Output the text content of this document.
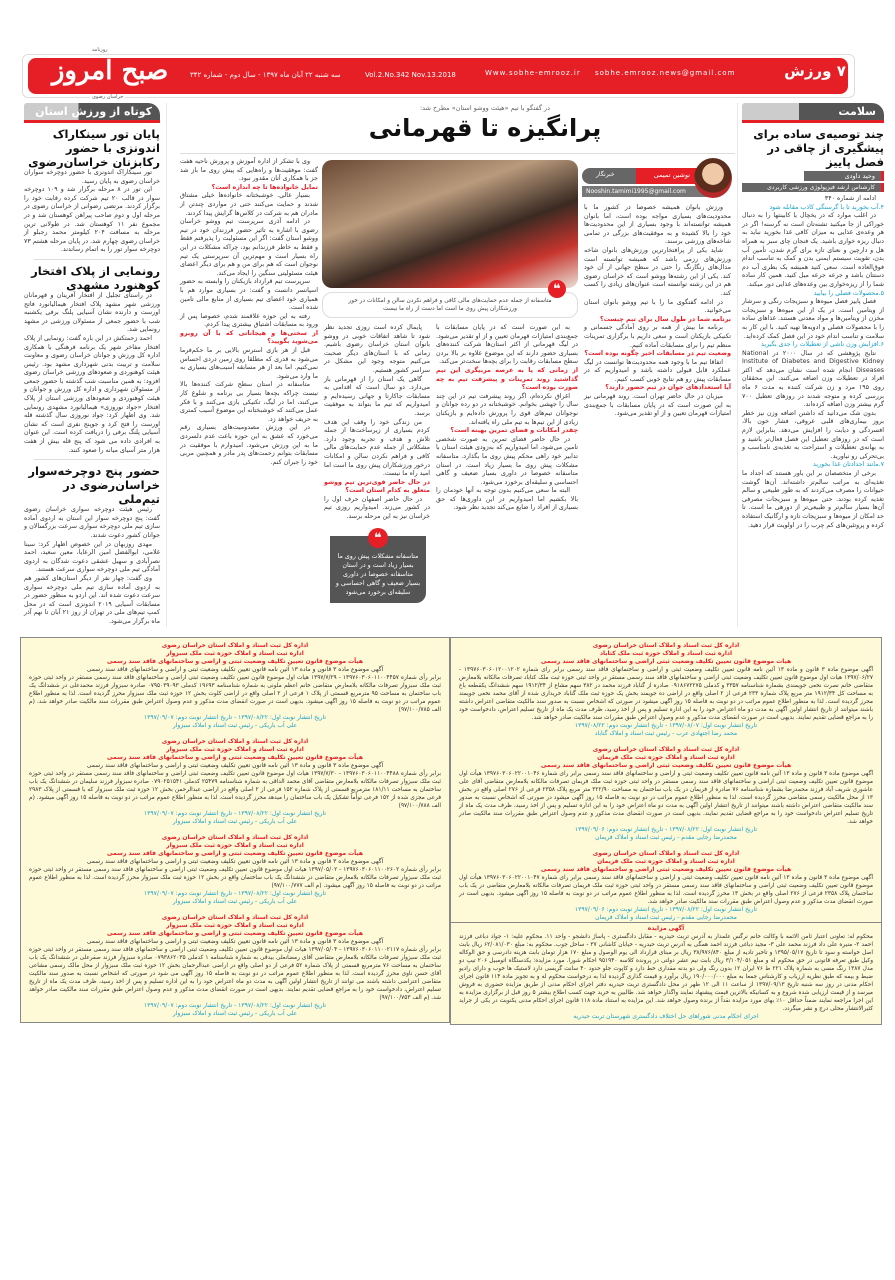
روزنامه
صبح امروز
خراسان رضوی
سه شنبه ۲۲ آبان ماه ۱۳۹۷ - سال دوم - شماره ۳۴۲	Vol.2.No.342 Nov.13.2018	Www.sobhe-emrooz.ir sobhe.emrooz.news@gmail.com	۷۰ ورزش
سلامت
چند توصیه‌ی ساده برای پیشگیری از چاقی در فصل پاییز
وحید داودی
کارشناس ارشد فیزیولوژی ورزشی کاربردی

ادامه از شماره ۳۴۰

۴.آب بخورید تا با گرسنگی کاذب مقابله شود

در اغلب موارد که در یخچال یا کابینتها را به دنبال خوراکی از جا میکنید تشنه‌تان است نه گرسنه! اگر در هر وعده‌ی غذایی به میزان کافی غذا بخورید نباید به دنبال ریزه خواری باشید. یک فنجان چای سبز به همراه هل و دارچین و نعنای تازه برای گرم شدن، تأمین آب بدن، تقویت سیستم ایمنی بدن و کمک به تناسب اندام فوق‌العاده است. سعی کنید همیشه یک بطری آب دم دستتان باشد و جرعه جرعه میل کنید. همین کار ساده شما را از ریزه‌خواری بین وعده‌های غذایی دور میکند.

۵.محصولات فصلی را بیابید

فصل پاییز فصل میوه‌ها و سبزیجات رنگی و سرشار از ویتامین است. در یک از این میوه‌ها و سبزیجات مخزن از ویتامین‌ها و مواد معدنی هستند. غذاهای ساده را با محصولات فصلی و ادویه‌ها تهیه کنید. با این کار به سلامت و تناسب اندام خود در این فصل کمک کرده‌اید.

۶.افزایش وزن ناشی از تعطیلات را جدی بگیرید

نتایج پژوهشی که در سال ۲۰۰۰ در National Institute of Diabetes and Digestive Kidney Diseases انجام شده است نشان می‌دهد که اکثر افراد در تعطیلات وزن اضافه می‌کنند. این محققان روی ۱۹۵ مرد و زن شرکت کننده به مدت ۶ ماه بررسی کرده و متوجه شدند در روزهای تعطیل ۷۰۰ گرم بیشتر وزن اضافه کرده‌اند.

بدون شک می‌دانید که داشتن اضافه وزن نیز خطر بروز بیماری‌های قلبی عروقی، فشار خون بالا، افسردگی و دیابت را افزایش می‌دهد. بنابراین لازم است که در روزهای تعطیل این فصل فعال‌تر باشید و به بهانه‌ی تعطیلات و استراحت به تغذیه‌ی نامناسب و بی‌تحرکی رو نیاورید.

۷.مانند اجدادتان غذا بخورید

برخی از متخصصان بر این باور هستند که اجداد ما تغذیه‌ای به مراتب سالم‌تر داشته‌اند. آن‌ها گوشت حیوانات را مصرف می‌کردند که به طور طبیعی و سالم تغذیه کرده بودند. حتی میوه‌ها و سبزیجات مصرفی آن‌ها بسیار سالم‌تر و طبیعی‌تر از دورهی ما است. تا حد امکان از میوه‌ها و سبزیجات تازه و ارگانیک استفاده کرده و پروتئین‌های کم چرب را در اولویت قرار دهید.

در گفتگو با تیم «هیئت ووشو استان» مطرح شد:
پرانگیزه تا قهرمانی
❝
متاسفانه از جمله عدم حمایت‌های مالی کافی و فراهم نکردن سالن و امکانات در خور ورزشکاران پیش روی ما است اما دست از راه ما نیست
نوشین تمیمی
خبرنگار
Nooshin.tamimi1995@gmail.com

ورزش بانوان همیشه خصوصا در کشور ما با محدودیت‌های بسیاری مواجه بوده است، اما بانوان همیشه توانسته‌اند با وجود بسیاری از این محدودیت‌ها خود را بالا کشیده و به موفقیت‌های بزرگی در تمامی شاخه‌های ورزشی برسند.

شاید یکی از پرافتخارترین ورزش‌های بانوان شاخه ورزش‌های رزمی باشد که همیشه توانسته است مدال‌های رنگارنگ را حتی در سطح جهانی از آن خود کند. یکی از این رشته‌ها ووشو است که خراسان رضوی هم در این رشته توانسته است عنوان‌های زیادی را کسب کند.

در ادامه گفتگوی ما را با تیم ووشو بانوان استان می‌خوانید.

برنامه شما در طول سال برای تیم چیست؟

برنامه ما بیش از همه بر روی آمادگی جسمانی و تکنیکی بازیکنان است و سعی داریم با برگزاری تمرینات منظم تیم را برای مسابقات آماده کنیم.

وضعیت تیم در مسابقات اخیر چگونه بوده است؟

اتفاقا تیم ما با وجود همه محدودیت‌ها توانست در لیگ عملکرد قابل قبولی داشته باشد و امیدواریم که در مسابقات پیش رو هم نتایج خوبی کسب کنیم.

آیا استعدادهای جوان در تیم حضور دارند؟

میزبان در حال حاضر تهران است. روند قهرمانی نیز به این صورت است که در پایان مسابقات با جمع‌بندی امتیازات قهرمان تعیین و از او تقدیر می‌شود.

به این صورت است که در پایان مسابقات با جمع‌بندی امتیازات قهرمان تعیین و از او تقدیر می‌شود. در لیگ قهرمانی از اکثر استان‌ها شرکت کننده‌های بسیاری حضور دارند که این موضوع علاوه بر بالا بردن سطح مسابقات رقابت را برای بچه‌ها سخت‌تر می‌کند.

از زمانی که پا به عرصه مربیگری این تیم گذاشتید روند تمرینات و پیشرفت تیم به چه صورت بوده است؟

اغراق نکرده‌ام، اگر روند پیشرفت تیم در این چند سال را جهشی بخوانم. خوشبختانه در دو رده جوانان و نوجوانان تیم‌های قوی را پرورش داده‌ایم و بازیکنان زیادی از این تیم‌ها به تیم ملی راه یافته‌اند.

چقدر امکانات و فضای تمرین بهینه است؟

در حال حاضر فضای تمرین به صورت شخصی تامین می‌شود، اما امیدواریم که به‌زودی هیئت استان با تدابیر خود راهی محکم پیش روی ما بگذارد. متاسفانه مشکلات پیش روی ما بسیار زیاد است. در استان متاسفانه خصوصا در داوری بسیار ضعیف و گاهی احساسی و سلیقه‌ای برخورد می‌شود.

البته ما سعی می‌کنیم بدون توجه به آنها خودمان را بالا بکشیم اما امیدواریم در این داوری‌ها که حق بسیاری از افراد را ضایع می‌کند تجدید نظر شود.

پایمال کرده است روزی تجدید نظر شود تا شاهد اتفاقات خوبی در ووشو بانوان استان خراسان رضوی باشیم. زمانی که با استان‌های دیگر صحبت می‌کنیم متوجه وجود این مشکل در سراسر کشور هستیم.

گاهی یک استان را از قهرمانی باز می‌دارد. دو سال است که اقدامی به مسابقات جاکارتا و جهانی رسیده‌ایم و امیدواریم که تیم ما بتواند به موفقیت برسد.

من زندگی خود را وقف این هدف کردم بسیاری از زیرساخت‌ها از جمله تلاش و هدف و تجربه وجود دارد. مشکلاتی از جمله عدم حمایت‌های مالی کافی و فراهم نکردن سالن و امکانات درخور ورزشکاران پیش روی ما است اما امید راه ما نیست.

در حال حاضر قوی‌ترین تیم ووشو متعلق به کدام استان است؟

در حال حاضر اصفهان حرف اول را در کشور می‌زند. امیدواریم روزی تیم خراسان نیز به این مرحله برسد.

وی با تشکر از اداره آموزش و پرورش ناحیه هفت گفت: موفقیت‌ها و راه‌هایی که پیش روی ما باز شد جز با همکاری آنان مقدور نبود.

تمایل خانواده‌ها تا چه اندازه است؟

بسیار عالی. خوشبختانه خانواده‌ها خیلی مشتاق شدند و حمایت می‌کنند حتی در مواردی چندتن از مادران هم به شرکت در کلاس‌ها گرایش پیدا کردند.

در ادامه آذری سرپرست تیم ووشو خراسان رضوی با اشاره به تاثیر حضور فرزندان خود در تیم ووشو استان گفت: اگر این مسئولیت را پذیرفتم فقط و فقط به خاطر فرزندانم بود، چراکه مشکلات در این راه بسیار است و مهم‌ترین آن سرپرستی یک تیم نوجوان است که هم برای من و هم برای دیگر اعضای هیئت مسئولیتی سنگین را ایجاد می‌کند.

سرپرست تیم قرارداد بازیکنان را وابسته به حضور اسپانسر دانست و گفت: در بسیاری موارد هم با همیاری خود اعضای تیم بسیاری از منابع مالی تامین شده است.

رفته به این حوزه علاقمند شدم، خصوصا پس از ورود به مسابقات اشتیاق بیشتری پیدا کردم.

از سختی‌ها و هیجاناتی که با آن روبرو می‌شوید بگویید؟

قبل از هر بازی استرس بالایی بر ما حکم‌فرما می‌شود به قدری که مطلقا روی زمین دردی احساس نمی‌کنیم. اما بعد از هر مسابقه آسیب‌های بسیاری به ما وارد می‌شود.

متاسفانه در استان سطح شرکت کننده‌ها بالا نیست چراکه بچه‌ها بسیار بی برنامه و شلوغ کار می‌کنند، اما در لیگ، تکنیکی بازی می‌کنند و با فکر عمل می‌کنند که خوشبختانه این موضوع آسیب کمتری به حریف خواهد زد.

در این ورزش مصدومیت‌های بسیاری رقم می‌خورد که عشق به این حوزه باعث عدم دلسردی ما به این ورزش می‌شود. امیدوارم با موفقیت در مسابقات بتوانم زحمت‌های پدر مادر و همچنین مربی خود را جبران کنم.

❝
متاسفانه مشکلات پیش روی ما بسیار زیاد است و در استان متاسفانه خصوصا در داوری بسیار ضعیف و گاهی احساسی و سلیقه‌ای برخورد می‌شود
کوتاه از ورزش استان
پایان تور سینکاراک اندونزی با حضور رکابزنان خراسان‌رضوی

تور سینکاراک اندونزی با حضور دوچرخه سواران خراسان رضوی به پایان رسید.

این تور در ۸ مرحله برگزار شد و ۱۰۹ دوچرخه سوار در قالب ۲۰ تیم شرکت کرده رقابت خود را برگزار کردند. مرتضی رضوانی از خراسان رضوی در مرحله اول و دوم صاحب پیراهن کوهستان شد و در مجموع نفر ۱۱ کوهستان شد. در طولانی ترین مرحله به مسافت ۲۰۴ کیلومتر محمد رجبلو از خراسان رضوی چهارم شد. در پایان مرحله هشتم ۷۳ دوچرخه سوار تور را به اتمام رساندند.

رونمایی از پلاک افتخار کوهنورد مشهدی

در راستای تجلیل از افتخار آفرینان و قهرمانان ورزشی شهر مشهد پلاک افتخار هیمالیانورد فاتح اورست و دارنده نشان آسیایی پلنگ برفی یکشنبه شب با حضور جمعی از مسئولان ورزشی در مشهد رونمایی شد.

احمد زحمتکش در این باره گفت: رونمایی از پلاک افتخار مفاخر شهر یک برنامه فرهنگی با همکاری اداره کل ورزش و جوانان خراسان رضوی و معاونت سلامت و تربیت بدنی شهرداری مشهد بود. رئیس هیئت کوهنوردی و صعودهای ورزشی خراسان رضوی افزود: به همین مناسبت شب گذشته با حضور جمعی از مسئولان شهرداری و اداره کل ورزش و جوانان و هیئت کوهنوردی و صعودهای ورزشی استان از پلاک افتخار «جواد نوروزی» هیمالیانورد مشهدی رونمایی شد. وی اظهار کرد: جواد نوروزی سال گذشته قله اورست را فتح کرد و جوپنج نفری است که نشان آسیایی پلنگ برفی را دریافت کرده است. این عنوان به افرادی داده می شود که پنج قله بیش از هفت هزار متر آسیای میانه را صعود کنند.

حضور پنج دوچرخه‌سوار خراسان‌رضوی در تیم‌ملی

رئیس هیئت دوچرخه سواری خراسان رضوی گفت: پنج دوچرخه سوار این استان به اردوی آماده سازی تیم ملی دوچرخه سواری سرعت بزرگسالان و جوانان کشور دعوت شدند.

مهدی روزبهان در این خصوص اظهار کرد: سینا غلامی، ابوالفضل امین الرعایا، معین سعید، احمد نصرآبادی و سهیل عشقی دعوت شدگان به اردوی آمادگی تیم ملی دوچرخه سواری سرعت هستند.

وی گفت: چهار نفر از دیگر استان‌های کشور هم به اردوی آماده سازی تیم ملی دوچرخه سواری سرعت دعوت شده اند. این اردو به منظور حضور در مسابقات آسیایی ۲۰۱۹ اندونزی است که در محل کمپ تیم‌های ملی در تهران از روز ۲۱ آبان تا نهم آذر ماه برگزار می‌شود.

اداره کل ثبت اسناد و املاک استان خراسان رضوی
اداره ثبت اسناد و املاک حوزه ثبت ملک کناباد
هیات موضوع قانون تعیین تکلیف وضعیت ثبتی اراضی و ساختمانهای فاقد سند رسمی
آگهی موضوع ماده ۳ قانون و ماده ۱۳ آئین نامه قانون تعیین تکلیف وضعیت ثبتی و اراضی و ساختمانهای فاقد سند رسمی برابر رای شماره ۱۳۹۷۶۰۳۰۶۰۱۲۰۰۱۲۰۲ - ۱۳۹۷/۰۶/۲۷ هیات اول موضوع قانون تعیین تکلیف وضعیت ثبتی اراضی و ساختمانهای فاقد سند رسمی مستقر در واحد ثبتی حوزه ثبت ملک کناباد تصرفات مالکانه بلامعارض متقاضی خانم نصرت نخعی جویمندی بشماره شناسنامه ۳۳۵۷ و کدملی ۰۹۱۸۶۷۲۲۷۵ صادره از گناباد فرزند محمد در ۳۸۲ سهم مشاع از ۱۹۱۲/۳۴ سهم ششدانگ یکقطعه باغ به مساحت کل ۱۹۱۲/۳۴ متر مربع پلاک شماره ۲۳۳ فرعی از ۲ اصلی واقع در اراضی ده جویمند بخش یک حوزه ثبت ملک گناباد خریداری شده از آقای محمد نخعی جویمند محرز گردیده است. لذا به منظور اطلاع عموم مراتب در دو نوبت به فاصله ۱۵ روز آگهی میشود در صورتی که اشخاص نسبت به صدور سند مالکیت متقاضی اعتراض داشته باشند میتوانند از تاریخ انتشار اولین آگهی به مدت دو ماه اعتراض خود را به این اداره تسلیم و پس از اخذ رسید، ظرف مدت یک ماه از تاریخ تسلیم اعتراض، دادخواست خود را به مراجع قضایی تقدیم نمایند. بدیهی است در صورت انقضای مدت مذکور و عدم وصول اعتراض طبق مقررات سند مالکیت صادر خواهد شد.
تاریخ انتشار نوبت اول: ۱۳۹۷/۰۸/۰۷ - تاریخ انتشار نوبت دوم: ۱۳۹۷/۰۸/۲۲
محمد رضا اجتهادی عرب - رئیس ثبت اسناد و املاک گناباد
اداره کل ثبت اسناد و املاک استان خراسان رضوی
اداره ثبت اسناد و املاک حوزه ثبت ملک فریمان
هیأت موضوع قانون تعیین تکلیف وضعیت ثبتی اراضی و ساختمانهای فاقد سند رسمی
آگهی موضوع ماده ۳ قانون و ماده ۱۳ آئین نامه قانون تعیین تکلیف وضعیت ثبتی و اراضی و ساختمانهای فاقد سند رسمی برابر رای شماره ۱۳۹۷۶۰۳۰۶۰۲۲۰۰۱۰۴۶ هیأت اول موضوع قانون تعیین تکلیف وضعیت ثبتی اراضی و ساختمانهای فاقد سند رسمی مستقر در واحد ثبتی حوزه ثبت ملک فریمان تصرفات مالکانه بلامعارض متقاضی آقای علی عاشوری شریف آباد فرزند محمدرضا بشماره شناسنامه ۷۶ صادره از فریمان در یک باب ساختمان به مساحت ۳۲۲/۹۰ متر مربع پلاک ۲۳۵۸ فرعی از ۲۷۶ اصلی واقع در بخش ۱۳ از محل مالکیت رسمی متقاضی محرز گردیده است. لذا به منظور اطلاع عموم مراتب در دو نوبت به فاصله ۱۵ روز آگهی میشود در صورتی که اشخاص نسبت به صدور سند مالکیت متقاضی اعتراض داشته باشند میتوانند از تاریخ انتشار اولین آگهی به مدت دو ماه اعتراض خود را به این اداره تسلیم و پس از اخذ رسید، ظرف مدت یک ماه از تاریخ تسلیم اعتراض دادخواست خود را به مراجع قضایی تقدیم نمایند. بدیهی است در صورت انقضای مدت مذکور و عدم وصول اعتراض طبق مقررات سند مالکیت صادر خواهد شد.
تاریخ انتشار نوبت اول: ۱۳۹۷/۰۸/۲۲ - تاریخ انتشار نوبت دوم: ۱۳۹۷/۰۹/۰۶
محمدرضا رجایی مقدم - رئیس ثبت اسناد و املاک فریمان
اداره کل ثبت اسناد و املاک استان خراسان رضوی
اداره ثبت اسناد و املاک حوزه ثبت ملک فریمان
هیأت موضوع قانون تعیین تکلیف وضعیت ثبتی اراضی و ساختمانهای فاقد سند رسمی
آگهی موضوع ماده ۳ قانون و ماده ۱۳ آئین نامه قانون تعیین تکلیف وضعیت ثبتی و اراضی و ساختمانهای فاقد سند رسمی برابر رای شماره ۱۳۹۷۶۰۳۰۶۰۲۲۰۰۱۰۴۷ هیأت اول موضوع قانون تعیین تکلیف وضعیت ثبتی اراضی و ساختمانهای فاقد سند رسمی مستقر در واحد ثبتی حوزه ثبت ملک فریمان تصرفات مالکانه بلامعارض متقاضی در یک باب ساختمان پلاک ۲۳۵۸ فرعی از ۲۷۶ اصلی واقع در بخش ۱۳ محرز گردیده است. لذا به منظور اطلاع عموم مراتب در دو نوبت به فاصله ۱۵ روز آگهی میشود. بدیهی است در صورت انقضای مدت مذکور و عدم وصول اعتراض طبق مقررات سند مالکیت صادر خواهد شد.
تاریخ انتشار نوبت اول: ۱۳۹۷/۰۸/۲۲ - تاریخ انتشار نوبت دوم: ۱۳۹۷/۰۹/۰۶
محمدرضا رجایی مقدم - رئیس ثبت اسناد و املاک فریمان
آگهی مزایده
محکوم له: تعاونی اعتبار ثامن الائمه با وکالت خانم نرگس علمدار به آدرس تربت حیدریه - مقابل دادگستری - پاساژ دانشجو - واحد ۱۱. محکوم علیه: ۱- جواد دباغی فرزند احمد ۲- منیره علی داد فرزند محمد علی ۳- مجید دباغی فرزند احمد همگی به آدرس تربت حیدریه - خیابان کاشانی ۳۷ - ساحل جوب. محکوم به: مبلغ ۶۲/۰۸۱/۰۳۰ ریال بابت اصل خواسته و سود تا تاریخ ۱۳۹۵/۰۵/۱۷ و تاخیر تادیه از مبلغ ۳۸/۹۷۶/۸۴۰ ریال بر مبنای قرارداد الی یوم الوصول و مبلغ ۱۷۰ هزار تومان بابت هزینه دادرسی و حق الوکاله وکیل طبق تعرفه قانونی در حق محکوم له و مبلغ ۳/۱۰۴/۰۵۱ ریال بابت نیم عشر دولتی در پرونده کلاسه ۹۵۱۹۴۰ احکام شورا. مورد مزایده: یکدستگاه اتومبیل ۲۰۶ تیپ دو مدل ۱۳۸۷ رنگ مسی به شماره پلاک ۲۲۱ ط ۷۶ ایران ۱۲ بدون رنگ ولی دو بدنه مقداری خط دارد و کاپوت جلو حدود ۴۰ سانت گریسی دارد لاستیک ها خوب و دارای رادیو ضبط و بیمه که طبق نظریه ارزیاب و کارشناس جمعا به مبلغ ۱۹۰/۰۰۰/۰۰۰ ریال برآورد و قیمت گذاری گردیده لذا به درخواست محکوم له و به تجویز ماده ۱۱۴ قانون اجرای احکام مدنی در روز سه شنبه تاریخ ۱۳۹۷/۰۹/۱۳ از ساعت ۱۱ الی ۱۲ ظهر در محل دادگستری تربت حیدریه دفتر اجرای احکام مدنی از طریق مزایده حضوری به فروش میرسد و از قیمت ارزیابی شده شروع و به کسانیکه بالاترین قیمت پیشنهاد نمایند واگذار خواهد شد. طالبین به خرید جهت کسب اطلاع بیشتر ۵ روز قبل از برگزاری مزایده به این اجرا مراجعه نمایند ضمناً حداقل ۱۰٪ بهای مورد مزایده نقداً از برنده وصول خواهد شد. این مزایده به استناد ماده ۱۱۸ قانون اجرای احکام مدنی یکنوبت در یکی از جراید کثیرالانتشار محلی درج و نشر میگردد.
اجرای احکام مدنی شوراهای حل اختلاف دادگستری شهرستان تربت حیدریه
اداره کل ثبت اسناد و املاک استان خراسان رضوی
اداره ثبت اسناد و املاک حوزه ثبت ملک سبزوار
هیأت موضوع قانون تعیین تکلیف وضعیت ثبتی و اراضی و ساختمانهای فاقد سند رسمی
آگهی موضوع ماده ۳ قانون و ماده ۱۳ آئین نامه قانون تعیین تکلیف وضعیت ثبتی و اراضی و ساختمانهای فاقد سند رسمی
برابر رأی شماره ۱۳۹۷۶۰۳۰۶۰۱۱۰۰۴۴۵۷ - ۱۳۹۷/۷/۲۹ هیات اول موضوع قانون تعیین تکلیف وضعیت ثبتی اراضی و ساختمانهای فاقد سند رسمی مستقر در واحد ثبتی حوزه ثبت ملک سبزوار تصرفات مالکانه بلامعارض متقاضی خانم اعظم ملونی به شماره شناسنامه ۱۹۶۹۳ کدملی ۰۷۹۵۰۳۹۰۹۳ صادره سبزوار فرزند محمدعلی در ششدانگ یک باب ساختمان به مساحت ۹۵ مترمربع قسمتی از پلاک ۱ فرعی از ۲ اصلی واقع در اراضی کلوت بخش ۱۲ حوزه ثبت ملک سبزوار محرز گردیده است. لذا به منظور اطلاع عموم مراتب در دو نوبت به فاصله ۱۵ روز آگهی میشود. بدیهی است در صورت انقضای مدت مذکور و عدم وصول اعتراض طبق مقررات سند مالکیت صادر خواهد شد. (م الف ۹۷/۱۰۰/۷۸۵)
تاریخ انتشار نوبت اول: ۱۳۹۷/۰۸/۲۲ - تاریخ انتشار نوبت دوم: ۱۳۹۷/۰۹/۰۷
علی آب باریکی - رئیس ثبت اسناد و املاک سبزوار
اداره کل ثبت اسناد و املاک استان خراسان رضوی
اداره ثبت اسناد و املاک حوزه ثبت ملک سبزوار
هیأت موضوع قانون تعیین تکلیف وضعیت ثبتی و اراضی و ساختمانهای فاقد سند رسمی
آگهی موضوع ماده ۳ قانون و ماده ۱۳ آئین نامه قانون تعیین تکلیف وضعیت ثبتی و اراضی و ساختمانهای فاقد سند رسمی
برابر رأی شماره ۱۳۹۷۶۰۳۰۶۰۱۱۰۰۴۴۸۸ - ۱۳۹۷/۷/۳۰ هیات اول موضوع قانون تعیین تکلیف وضعیت ثبتی اراضی و ساختمانهای فاقد سند رسمی مستقر در واحد ثبتی حوزه ثبت ملک سبزوار تصرفات مالکانه بلامعارض متقاضی آقای محمد الداقی به شماره شناسنامه ۲۵۴۷۹ کدملی ۰۷۹۰۲۵۱۵۴۱ صادره سبزوار فرزند سلیمان در ششدانگ یک باب ساختمان به مساحت ۱۸۱/۱۱ مترمربع قسمتی از پلاک شماره ۱۵۲ فرعی از ۲ اصلی واقع در اراضی عبدالرحمن بخش ۱۲ حوزه ثبت ملک سبزوار که با قسمتی از پلاک ۲۹۸۳ فرعی مجزی شده از ۱۵۲ فرعی توأماً تشکیل یک باب ساختمان را میدهد محرز گردیده است. لذا به منظور اطلاع عموم مراتب در دو نوبت به فاصله ۱۵ روز آگهی میشود. (م الف ۹۷/۱۰۰/۷۸۸)
تاریخ انتشار نوبت اول: ۱۳۹۷/۰۸/۲۲ - تاریخ انتشار نوبت دوم: ۱۳۹۷/۰۹/۰۷
علی آب باریکی - رئیس ثبت اسناد و املاک سبزوار
اداره کل ثبت اسناد و املاک استان خراسان رضوی
اداره ثبت اسناد و املاک حوزه ثبت ملک سبزوار
هیأت موضوع قانون تعیین تکلیف وضعیت ثبتی و اراضی و ساختمانهای فاقد سند رسمی
آگهی موضوع ماده ۳ قانون و ماده ۱۳ آئین نامه قانون تعیین تکلیف وضعیت ثبتی و اراضی و ساختمانهای فاقد سند رسمی
برابر رأی شماره ۱۳۹۷۶۰۳۰۶۰۱۱۰۰۲۶۰۲ - ۱۳۹۷/۰۵/۰۲ هیات اول موضوع قانون تعیین تکلیف وضعیت ثبتی اراضی و ساختمانهای فاقد سند رسمی مستقر در واحد ثبتی حوزه ثبت ملک سبزوار تصرفات مالکانه بلامعارض متقاضی در ششدانگ یک باب ساختمان واقع در بخش ۱۲ حوزه ثبت ملک سبزوار محرز گردیده است. لذا به منظور اطلاع عموم مراتب در دو نوبت به فاصله ۱۵ روز آگهی میشود. (م الف ۹۷/۱۰۰/۷۷۷)
تاریخ انتشار نوبت اول: ۱۳۹۷/۰۸/۲۲ - تاریخ انتشار نوبت دوم: ۱۳۹۷/۰۹/۰۷
علی آب باریکی - رئیس ثبت اسناد و املاک سبزوار
اداره کل ثبت اسناد و املاک استان خراسان رضوی
اداره ثبت اسناد و املاک حوزه ثبت ملک سبزوار
هیأت موضوع قانون تعیین تکلیف وضعیت ثبتی و اراضی و ساختمانهای فاقد سند رسمی
آگهی موضوع ماده ۳ قانون و ماده ۱۳ آئین نامه قانون تعیین تکلیف وضعیت ثبتی و اراضی و ساختمانهای فاقد سند رسمی
برابر رأی شماره ۱۳۹۷۶۰۳۰۶۰۱۱۰۰۲۱۱۷ - ۱۳۹۷/۰۵/۰۴ هیات اول موضوع قانون تعیین تکلیف وضعیت ثبتی اراضی و ساختمانهای فاقد سند رسمی مستقر در واحد ثبتی حوزه ثبت ملک سبزوار تصرفات مالکانه بلامعارض متقاضی آقای رمضانعلی بیدقی به شماره شناسنامه ۱ کدملی ۰۷۹۳۸۶۲۰۳۵ صادره سبزوار فرزند صفرعلی در ششدانگ یک باب ساختمان به مساحت ۷۶ مترمربع قسمتی از پلاک شماره ۵۲ فرعی از دو اصلی واقع در اراضی عبدالرحمان بخش ۱۲ حوزه ثبت ملک سبزوار از محل مالک رسمی مشاعی آقای حسن ناوی محرز گردیده است. لذا به منظور اطلاع عموم مراتب در دو نوبت به فاصله ۱۵ روز آگهی می شود در صورتی که اشخاص نسبت به صدور سند مالکیت متقاضی اعتراضی داشته باشند می توانند از تاریخ انتشار اولین آگهی به مدت دو ماه اعتراض خود را به این اداره تسلیم و پس از اخذ رسید، ظرف مدت یک ماه از تاریخ تسلیم اعتراض، دادخواست خود را به مراجع قضایی تقدیم نمایند. بدیهی است در صورت انقضای مدت مذکور و عدم وصول اعتراض طبق مقررات سند مالکیت صادر خواهد شد. (م الف ۹۷/۱۰۰/۷۵۳)
تاریخ انتشار نوبت اول: ۱۳۹۷/۰۸/۲۲ - تاریخ انتشار نوبت دوم: ۱۳۹۷/۰۹/۰۷
علی آب باریکی - رئیس ثبت اسناد و املاک سبزوار
